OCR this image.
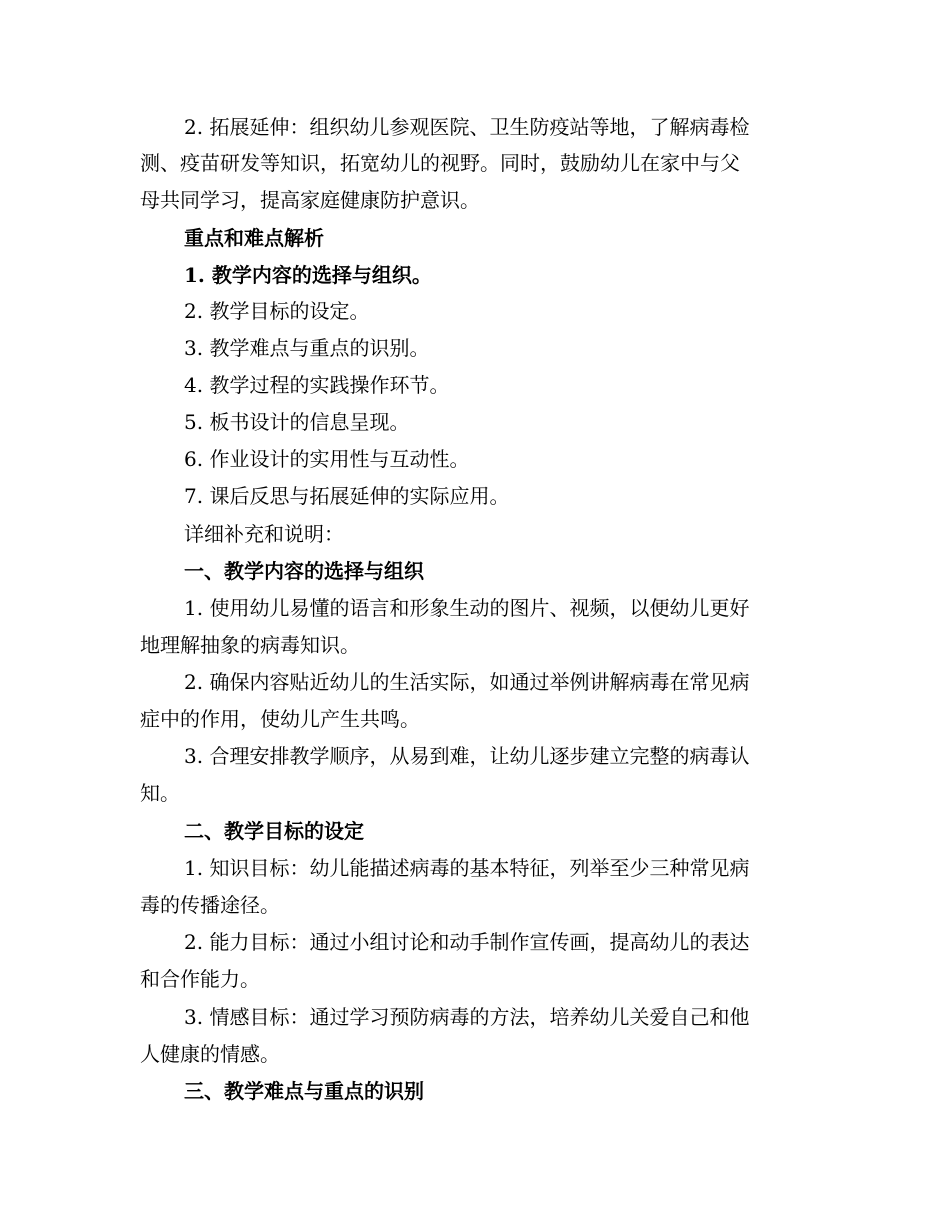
2. 拓展延伸：组织幼儿参观医院、卫生防疫站等地，了解病毒检
测、疫苗研发等知识，拓宽幼儿的视野。同时，鼓励幼儿在家中与父
母共同学习，提高家庭健康防护意识。
重点和难点解析
1. 教学内容的选择与组织。
2. 教学目标的设定。
3. 教学难点与重点的识别。
4. 教学过程的实践操作环节。
5. 板书设计的信息呈现。
6. 作业设计的实用性与互动性。
7. 课后反思与拓展延伸的实际应用。
详细补充和说明：
一、教学内容的选择与组织
1. 使用幼儿易懂的语言和形象生动的图片、视频，以便幼儿更好
地理解抽象的病毒知识。
2. 确保内容贴近幼儿的生活实际，如通过举例讲解病毒在常见病
症中的作用，使幼儿产生共鸣。
3. 合理安排教学顺序，从易到难，让幼儿逐步建立完整的病毒认
知。
二、教学目标的设定
1. 知识目标：幼儿能描述病毒的基本特征，列举至少三种常见病
毒的传播途径。
2. 能力目标：通过小组讨论和动手制作宣传画，提高幼儿的表达
和合作能力。
3. 情感目标：通过学习预防病毒的方法，培养幼儿关爱自己和他
人健康的情感。
三、教学难点与重点的识别
